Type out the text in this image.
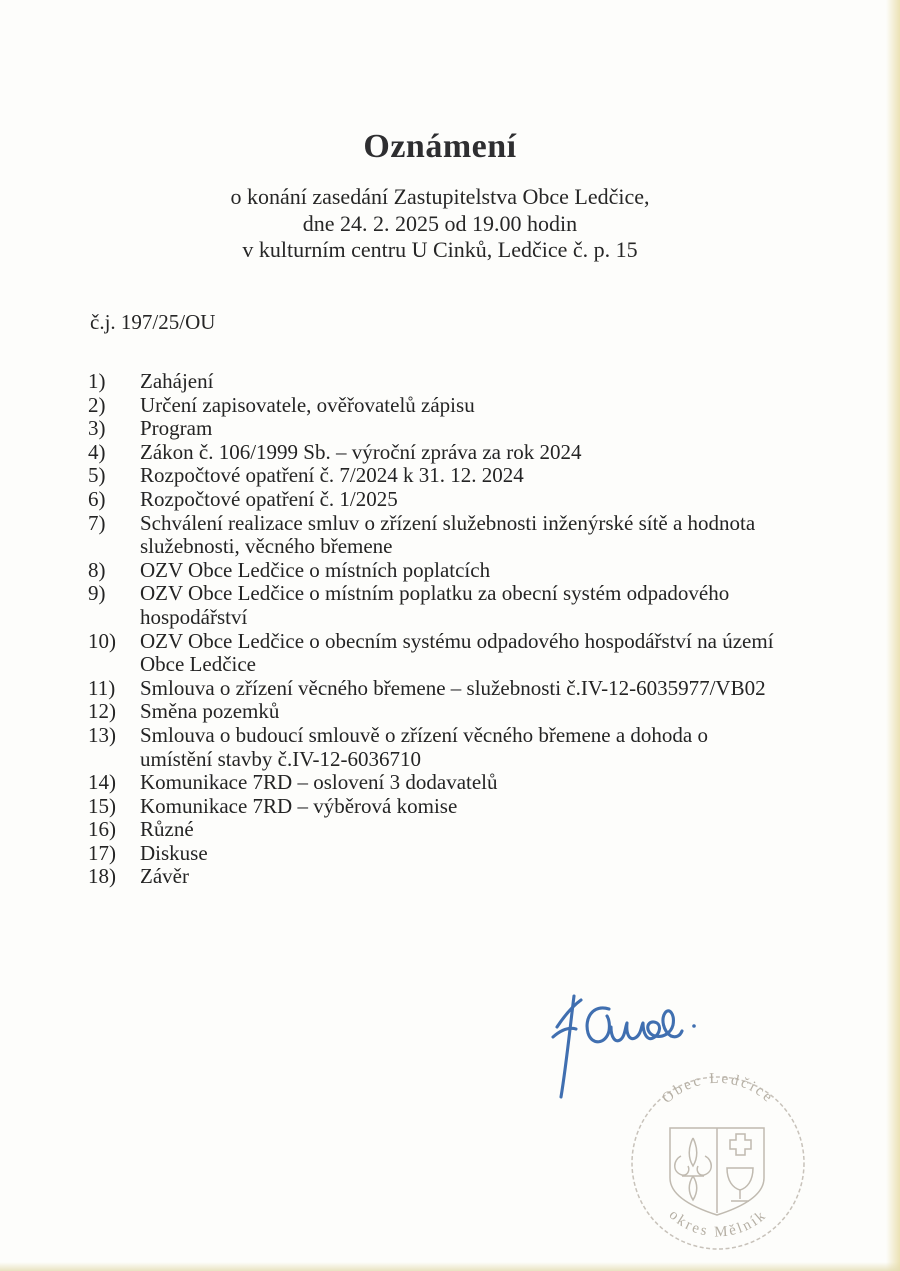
Oznámení
o konání zasedání Zastupitelstva Obce Ledčice,
dne 24. 2. 2025 od 19.00 hodin
v kulturním centru U Cinků, Ledčice č. p. 15
č.j. 197/25/OU
1)	Zahájení
2)	Určení zapisovatele, ověřovatelů zápisu
3)	Program
4)	Zákon č. 106/1999 Sb. – výroční zpráva za rok 2024
5)	Rozpočtové opatření č. 7/2024 k 31. 12. 2024
6)	Rozpočtové opatření č. 1/2025
7)	Schválení realizace smluv o zřízení služebnosti inženýrské sítě a hodnota služebnosti, věcného břemene
8)	OZV Obce Ledčice o místních poplatcích
9)	OZV Obce Ledčice o místním poplatku za obecní systém odpadového hospodářství
10)	OZV Obce Ledčice o obecním systému odpadového hospodářství na území Obce Ledčice
11)	Smlouva o zřízení věcného břemene – služebnosti č.IV-12-6035977/VB02
12)	Směna pozemků
13)	Smlouva o budoucí smlouvě o zřízení věcného břemene a dohoda o umístění stavby č.IV-12-6036710
14)	Komunikace 7RD – oslovení 3 dodavatelů
15)	Komunikace 7RD – výběrová komise
16)	Různé
17)	Diskuse
18)	Závěr
Obec Ledčice
okres Mělník
